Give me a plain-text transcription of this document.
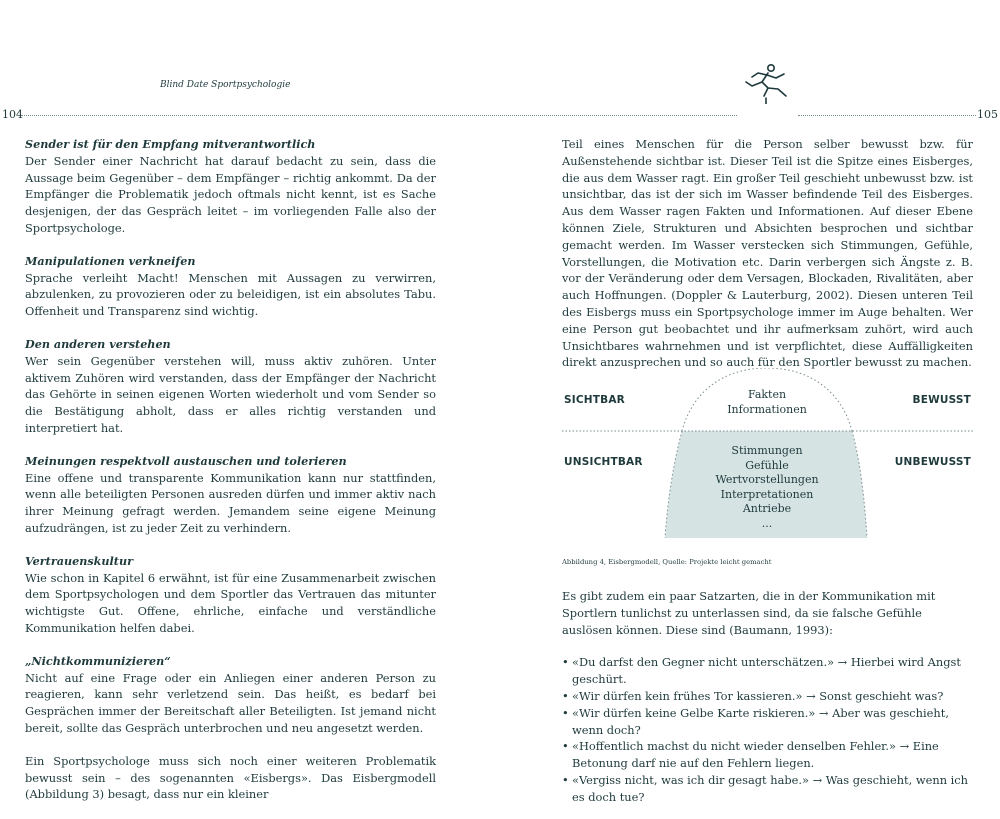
Blind Date Sportpsychologie
104	105
Sender ist für den Empfang mitverantwortlich

Der Sender einer Nachricht hat darauf bedacht zu sein, dass die Aussage beim Gegenüber – dem Empfänger – richtig ankommt. Da der Empfänger die Problematik jedoch oftmals nicht kennt, ist es Sache desjenigen, der das Gespräch leitet – im vorliegenden Falle also der Sportpsychologe.

Manipulationen verkneifen

Sprache verleiht Macht! Menschen mit Aussagen zu verwirren, abzulenken, zu provozieren oder zu beleidigen, ist ein absolutes Tabu. Offenheit und Transparenz sind wichtig.

Den anderen verstehen

Wer sein Gegenüber verstehen will, muss aktiv zuhören. Unter aktivem Zuhören wird verstanden, dass der Empfänger der Nachricht das Gehörte in seinen eigenen Worten wiederholt und vom Sender so die Bestätigung abholt, dass er alles richtig verstanden und interpretiert hat.

Meinungen respektvoll austauschen und tolerieren

Eine offene und transparente Kommunikation kann nur stattfinden, wenn alle beteiligten Personen ausreden dürfen und immer aktiv nach ihrer Meinung gefragt werden. Jemandem seine eigene Meinung aufzudrängen, ist zu jeder Zeit zu verhindern.

Vertrauenskultur

Wie schon in Kapitel 6 erwähnt, ist für eine Zusammenarbeit zwischen dem Sportpsychologen und dem Sportler das Vertrauen das mitunter wichtigste Gut. Offene, ehrliche, einfache und verständliche Kommunikation helfen dabei.

„Nichtkommunizieren“

Nicht auf eine Frage oder ein Anliegen einer anderen Person zu reagieren, kann sehr verletzend sein. Das heißt, es bedarf bei Gesprächen immer der Bereitschaft aller Beteiligten. Ist jemand nicht bereit, sollte das Gespräch unterbrochen und neu angesetzt werden.

Ein Sportpsychologe muss sich noch einer weiteren Problematik bewusst sein – des sogenannten «Eisbergs». Das Eisbergmodell (Abbildung 3) besagt, dass nur ein kleiner

Teil eines Menschen für die Person selber bewusst bzw. für Außenstehende sichtbar ist. Dieser Teil ist die Spitze eines Eisberges, die aus dem Wasser ragt. Ein großer Teil geschieht unbewusst bzw. ist unsichtbar, das ist der sich im Wasser befindende Teil des Eisberges. Aus dem Wasser ragen Fakten und Informationen. Auf dieser Ebene können Ziele, Strukturen und Absichten besprochen und sichtbar gemacht werden. Im Wasser verstecken sich Stimmungen, Gefühle, Vorstellungen, die Motivation etc. Darin verbergen sich Ängste z. B. vor der Veränderung oder dem Versagen, Blockaden, Rivalitäten, aber auch Hoffnungen. (Doppler & Lauterburg, 2002). Diesen unteren Teil des Eisbergs muss ein Sportpsychologe immer im Auge behalten. Wer eine Person gut beobachtet und ihr aufmerksam zuhört, wird auch Unsichtbares wahrnehmen und ist verpflichtet, diese Auffälligkeiten direkt anzusprechen und so auch für den Sportler bewusst zu machen.

SICHTBAR	BEWUSST
UNSICHTBAR	UNBEWUSST
Fakten
Informationen
Stimmungen
Gefühle
Wertvorstellungen
Interpretationen
Antriebe
...
Abbildung 4, Eisbergmodell, Quelle: Projekte leicht gemacht

Es gibt zudem ein paar Satzarten, die in der Kommunikation mit Sportlern tunlichst zu unterlassen sind, da sie falsche Gefühle auslösen können. Diese sind (Baumann, 1993):

• «Du darfst den Gegner nicht unterschätzen.» → Hierbei wird Angst geschürt.
• «Wir dürfen kein frühes Tor kassieren.» → Sonst geschieht was?
• «Wir dürfen keine Gelbe Karte riskieren.» → Aber was geschieht, wenn doch?
• «Hoffentlich machst du nicht wieder denselben Fehler.» → Eine Betonung darf nie auf den Fehlern liegen.
• «Vergiss nicht, was ich dir gesagt habe.» → Was geschieht, wenn ich es doch tue?
